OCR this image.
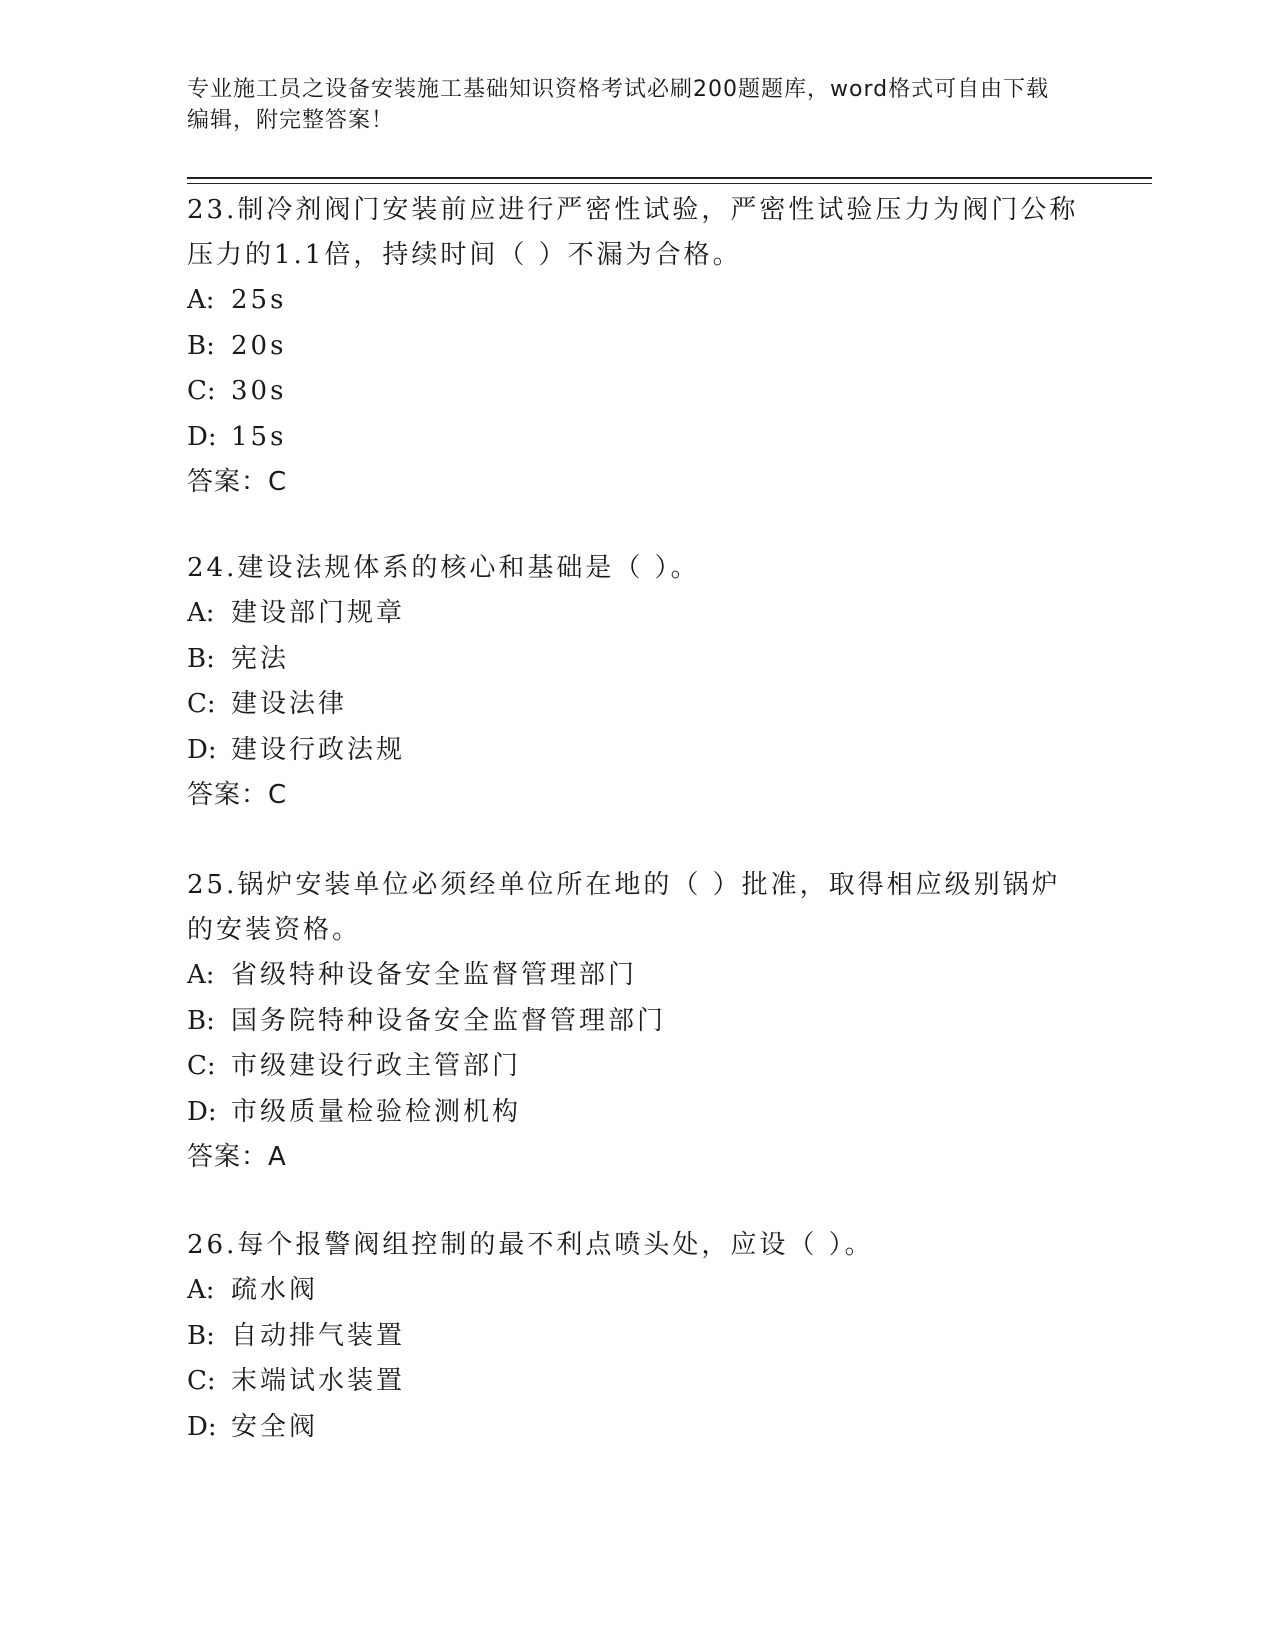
专业施工员之设备安装施工基础知识资格考试必刷200题题库，word格式可自由下载编辑，附完整答案！

23.制冷剂阀门安装前应进行严密性试验，严密性试验压力为阀门公称压力的1.1倍，持续时间（ ）不漏为合格。

A: 25s

B: 20s

C: 30s

D: 15s

答案：C

24.建设法规体系的核心和基础是（ ）。

A: 建设部门规章

B: 宪法

C: 建设法律

D: 建设行政法规

答案：C

25.锅炉安装单位必须经单位所在地的（ ）批准，取得相应级别锅炉的安装资格。

A: 省级特种设备安全监督管理部门

B: 国务院特种设备安全监督管理部门

C: 市级建设行政主管部门

D: 市级质量检验检测机构

答案：A

26.每个报警阀组控制的最不利点喷头处，应设（ ）。

A: 疏水阀

B: 自动排气装置

C: 末端试水装置

D: 安全阀
